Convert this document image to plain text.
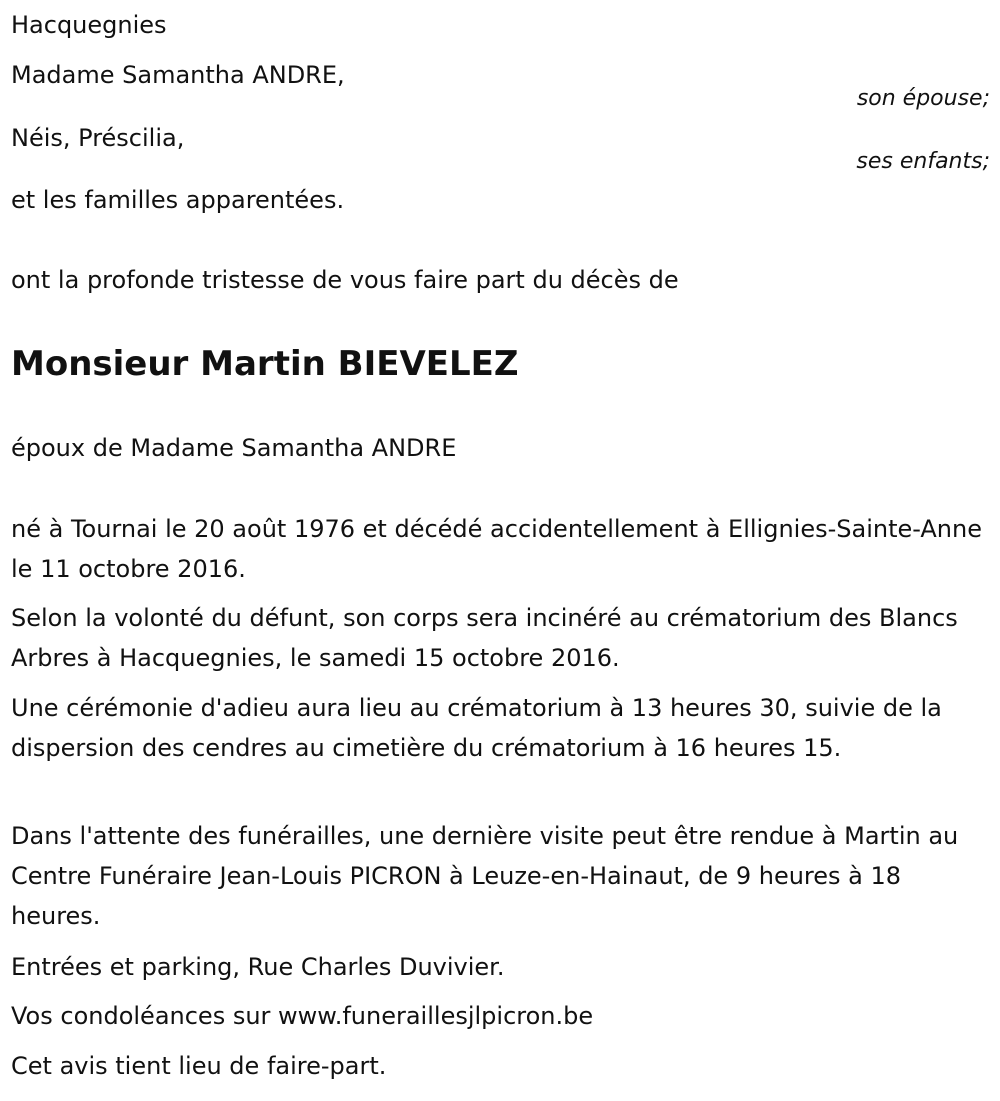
Hacquegnies
Madame Samantha ANDRE,
son épouse;
Néis, Préscilia,
ses enfants;
et les familles apparentées.
ont la profonde tristesse de vous faire part du décès de
Monsieur Martin BIEVELEZ
époux de Madame Samantha ANDRE
né à Tournai le 20 août 1976 et décédé accidentellement à Ellignies-Sainte-Anne le 11 octobre 2016.
Selon la volonté du défunt, son corps sera incinéré au crématorium des Blancs Arbres à Hacquegnies, le samedi 15 octobre 2016.
Une cérémonie d'adieu aura lieu au crématorium à 13 heures 30, suivie de la dispersion des cendres au cimetière du crématorium à 16 heures 15.
Dans l'attente des funérailles, une dernière visite peut être rendue à Martin au Centre Funéraire Jean-Louis PICRON à Leuze-en-Hainaut, de 9 heures à 18 heures.
Entrées et parking, Rue Charles Duvivier.
Vos condoléances sur www.funeraillesjlpicron.be
Cet avis tient lieu de faire-part.
